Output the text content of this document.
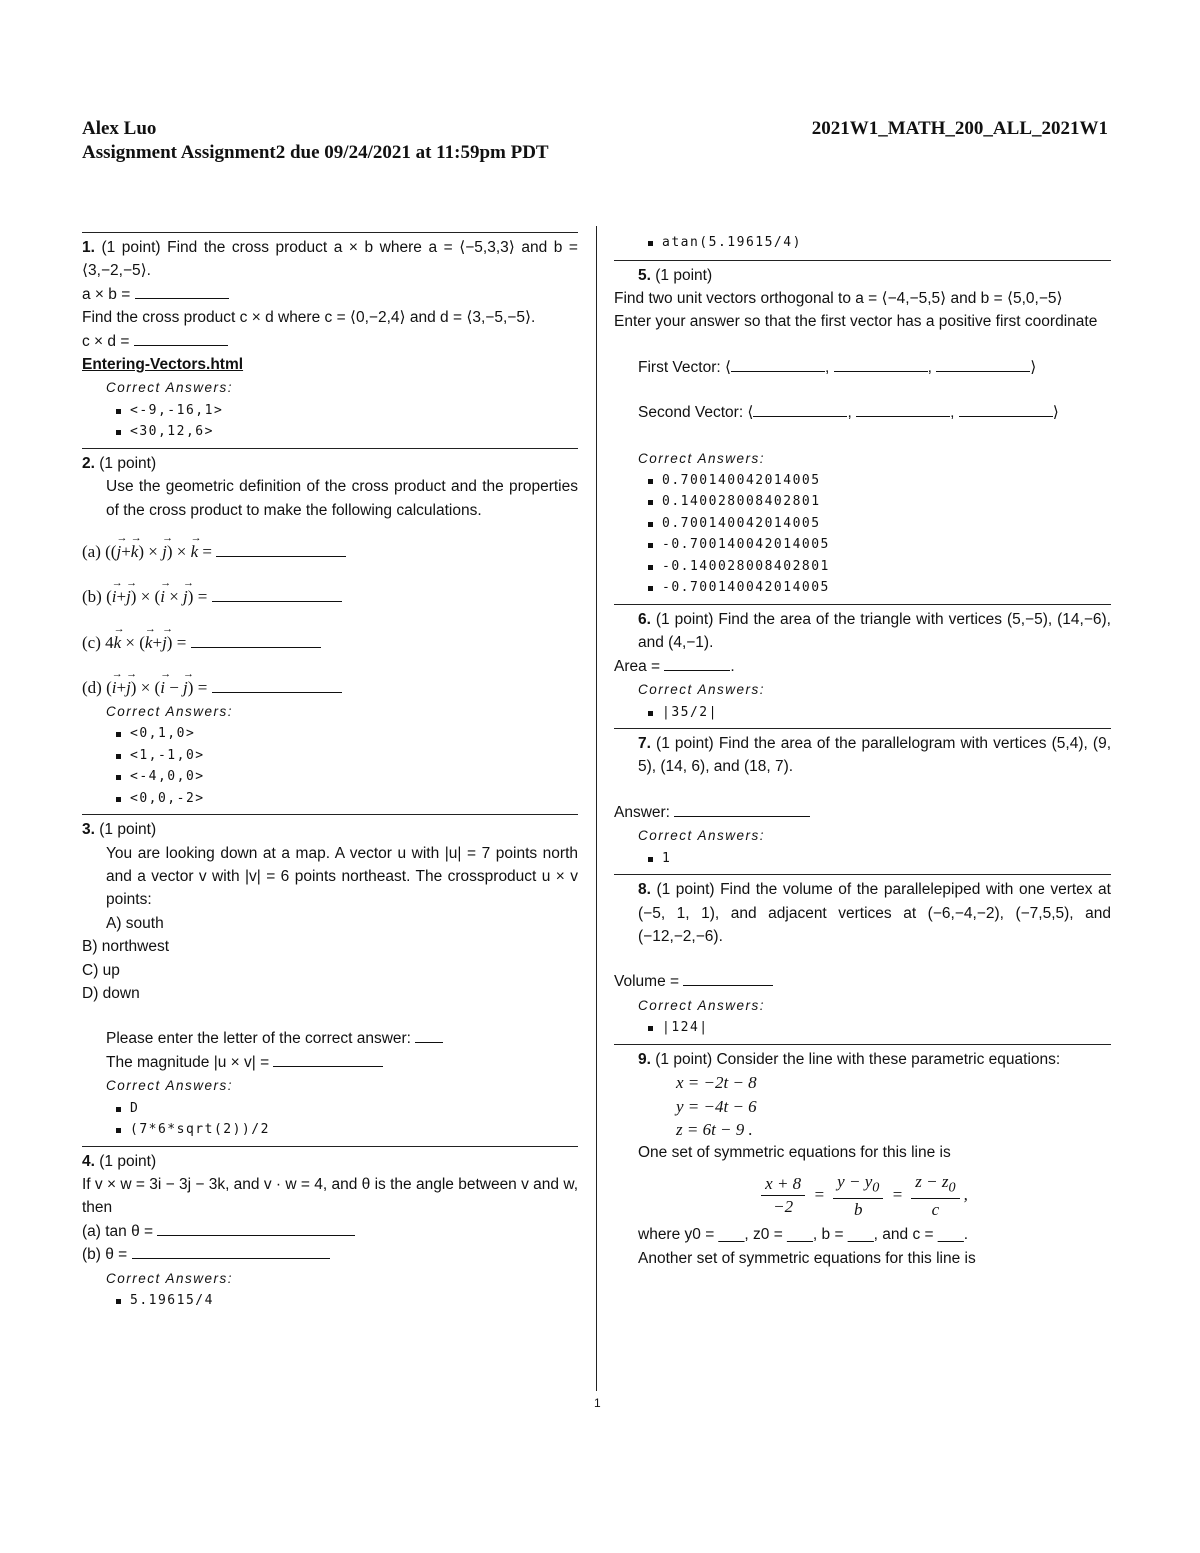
Alex Luo	2021W1_MATH_200_ALL_2021W1
Assignment Assignment2 due 09/24/2021 at 11:59pm PDT

1. (1 point) Find the cross product a × b where a = ⟨−5,3,3⟩ and b = ⟨3,−2,−5⟩.

a × b =

Find the cross product c × d where c = ⟨0,−2,4⟩ and d = ⟨3,−5,−5⟩.

c × d =

Entering-Vectors.html

Correct Answers:
<-9,-16,1>
<30,12,6>

2. (1 point)

Use the geometric definition of the cross product and the properties of the cross product to make the following calculations.

(a) ((j →+k →) × j →) × k → =

(b) (i →+j →) × (i → × j →) =

(c) 4k → × (k →+j →) =

(d) (i →+j →) × (i → − j →) =

Correct Answers:
<0,1,0>
<1,-1,0>
<-4,0,0>
<0,0,-2>

3. (1 point)

You are looking down at a map. A vector u with |u| = 7 points north and a vector v with |v| = 6 points northeast. The crossproduct u × v points:

A) south

B) northwest

C) up

D) down

Please enter the letter of the correct answer:

The magnitude |u × v| =

Correct Answers:
D
(7*6*sqrt(2))/2

4. (1 point)

If v × w = 3i − 3j − 3k, and v · w = 4, and θ is the angle between v and w, then

(a) tan θ =

(b) θ =

Correct Answers:
5.19615/4
atan(5.19615/4)

5. (1 point)

Find two unit vectors orthogonal to a = ⟨−4,−5,5⟩ and b = ⟨5,0,−5⟩

Enter your answer so that the first vector has a positive first coordinate

First Vector: ⟨	,	,	⟩

Second Vector: ⟨	,	,	⟩

Correct Answers:
0.700140042014005
0.140028008402801
0.700140042014005
-0.700140042014005
-0.140028008402801
-0.700140042014005

6. (1 point) Find the area of the triangle with vertices (5,−5), (14,−6), and (4,−1).

Area =	.

Correct Answers:
|35/2|

7. (1 point) Find the area of the parallelogram with vertices (5,4), (9, 5), (14, 6), and (18, 7).

Answer:

Correct Answers:
1

8. (1 point) Find the volume of the parallelepiped with one vertex at (−5, 1, 1), and adjacent vertices at (−6,−4,−2), (−7,5,5), and (−12,−2,−6).

Volume =

Correct Answers:
|124|

9. (1 point) Consider the line with these parametric equations:

x = −2t − 8

y = −4t − 6

z = 6t − 9 .

One set of symmetric equations for this line is

$\frac{x + 8}{-2} = \frac{y - y_0}{b} = \frac{z - z_0}{c}$ ,

where y0 = ___, z0 = ___, b = ___, and c = ___.

Another set of symmetric equations for this line is

1
